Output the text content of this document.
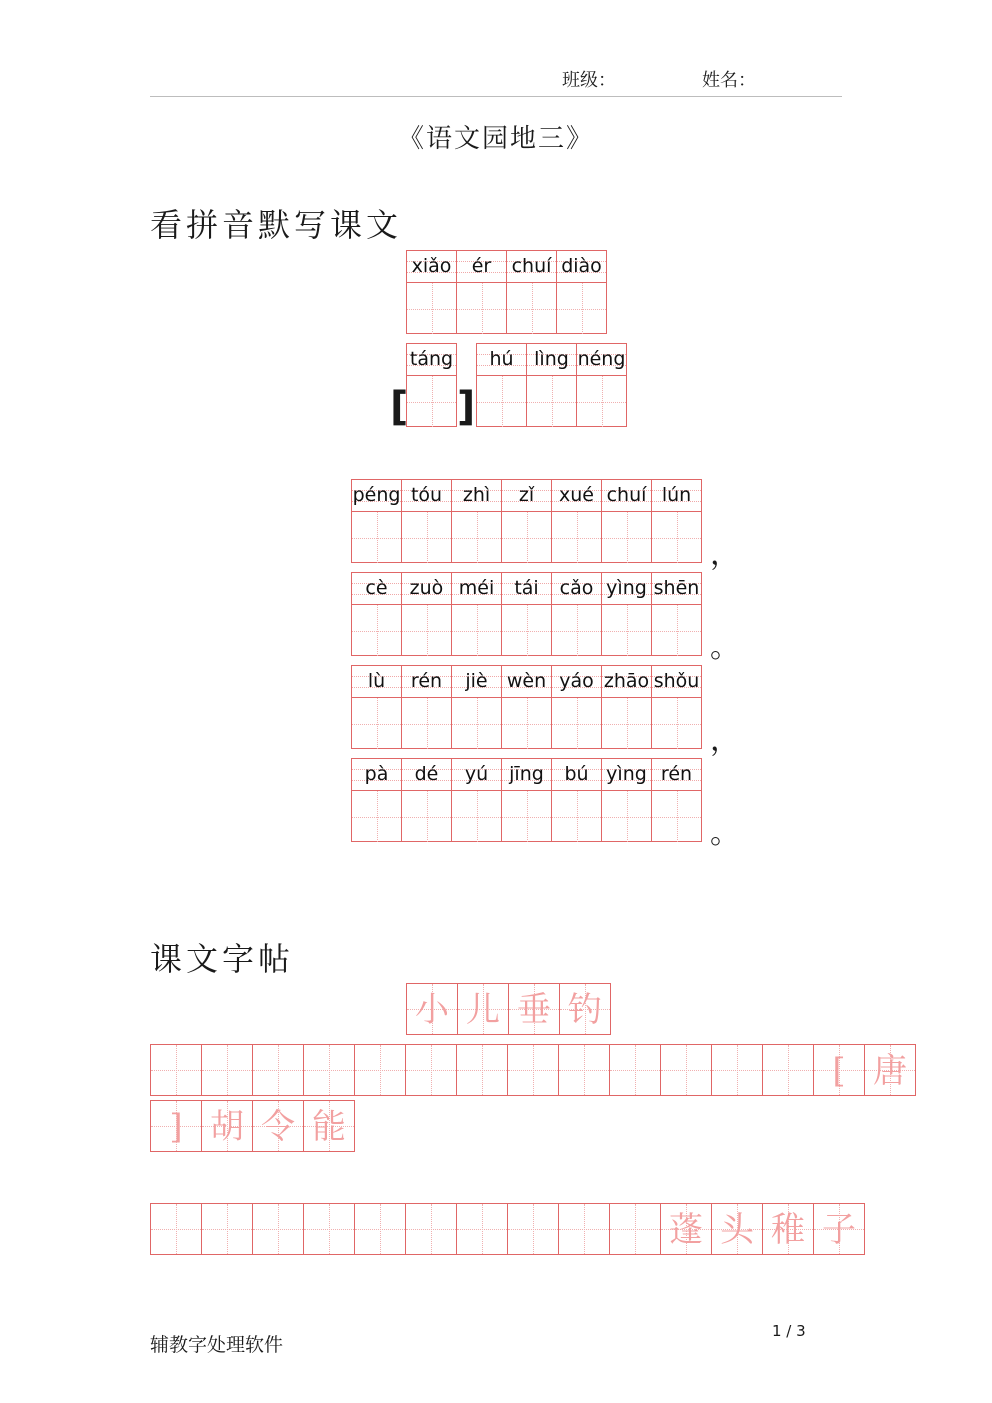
班级：	姓名：
《语文园地三》
看拼音默写课文
xiǎo	ér	chuí diào
táng	hú	lìng néng
[ ]
péng tóu	zhì	zǐ	xué chuí lún
，
cè	zuò méi	tái	cǎo yìng shēn
。
lù	rén	jiè	wèn yáo zhāo shǒu
，
pà	dé	yú	jīng	bú yìng rén
。
课文字帖
小 儿 垂 钓
[ 唐
] 胡 令 能
蓬 头 稚 子
辅教字处理软件
1 / 3
